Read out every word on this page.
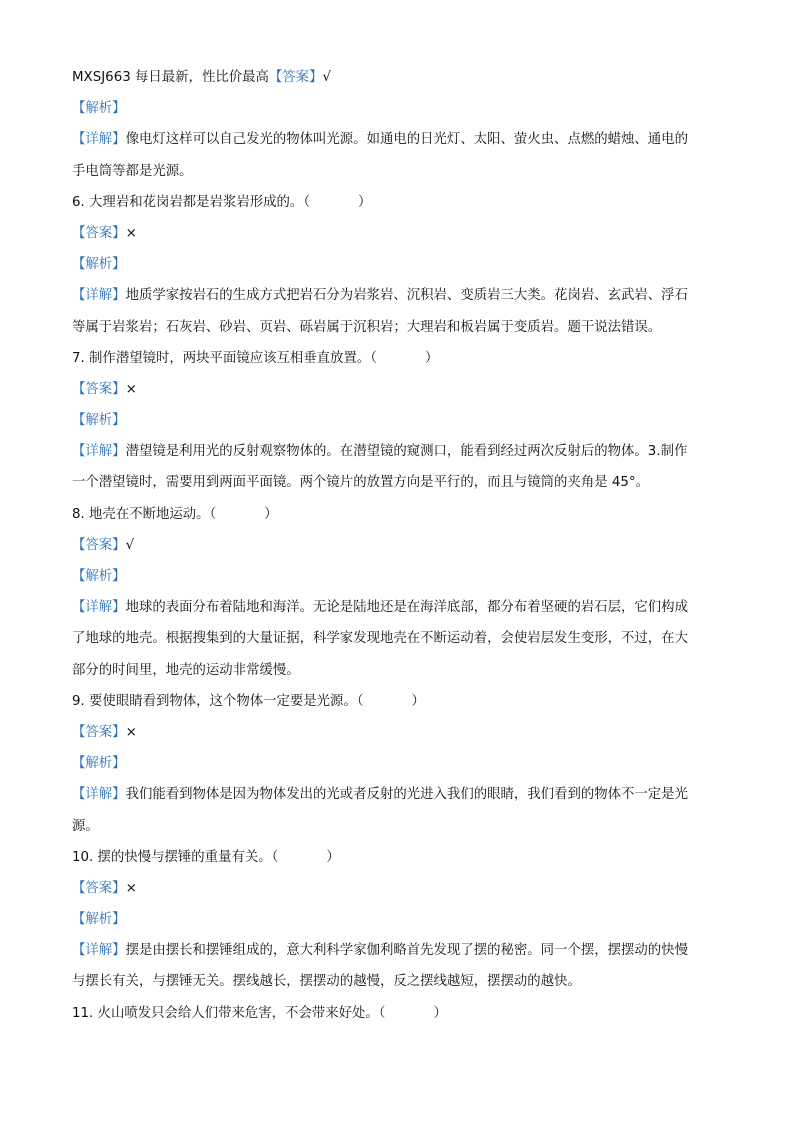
MXSJ663 每日最新，性比价最高【答案】√
【解析】
【详解】像电灯这样可以自己发光的物体叫光源。如通电的日光灯、太阳、萤火虫、点燃的蜡烛、通电的
手电筒等都是光源。
6. 大理岩和花岗岩都是岩浆岩形成的。（	）
【答案】×
【解析】
【详解】地质学家按岩石的生成方式把岩石分为岩浆岩、沉积岩、变质岩三大类。花岗岩、玄武岩、浮石
等属于岩浆岩；石灰岩、砂岩、页岩、砾岩属于沉积岩；大理岩和板岩属于变质岩。题干说法错误。
7. 制作潜望镜时，两块平面镜应该互相垂直放置。（	）
【答案】×
【解析】
【详解】潜望镜是利用光的反射观察物体的。在潜望镜的窥测口，能看到经过两次反射后的物体。3.制作
一个潜望镜时，需要用到两面平面镜。两个镜片的放置方向是平行的，而且与镜筒的夹角是 45°。
8. 地壳在不断地运动。（	）
【答案】√
【解析】
【详解】地球的表面分布着陆地和海洋。无论是陆地还是在海洋底部，都分布着坚硬的岩石层，它们构成
了地球的地壳。根据搜集到的大量证据，科学家发现地壳在不断运动着，会使岩层发生变形，不过，在大
部分的时间里，地壳的运动非常缓慢。
9. 要使眼睛看到物体，这个物体一定要是光源。（	）
【答案】×
【解析】
【详解】我们能看到物体是因为物体发出的光或者反射的光进入我们的眼睛，我们看到的物体不一定是光
源。
10. 摆的快慢与摆锤的重量有关。（	）
【答案】×
【解析】
【详解】摆是由摆长和摆锤组成的，意大利科学家伽利略首先发现了摆的秘密。同一个摆，摆摆动的快慢
与摆长有关，与摆锤无关。摆线越长，摆摆动的越慢，反之摆线越短，摆摆动的越快。
11. 火山喷发只会给人们带来危害，不会带来好处。（	）
